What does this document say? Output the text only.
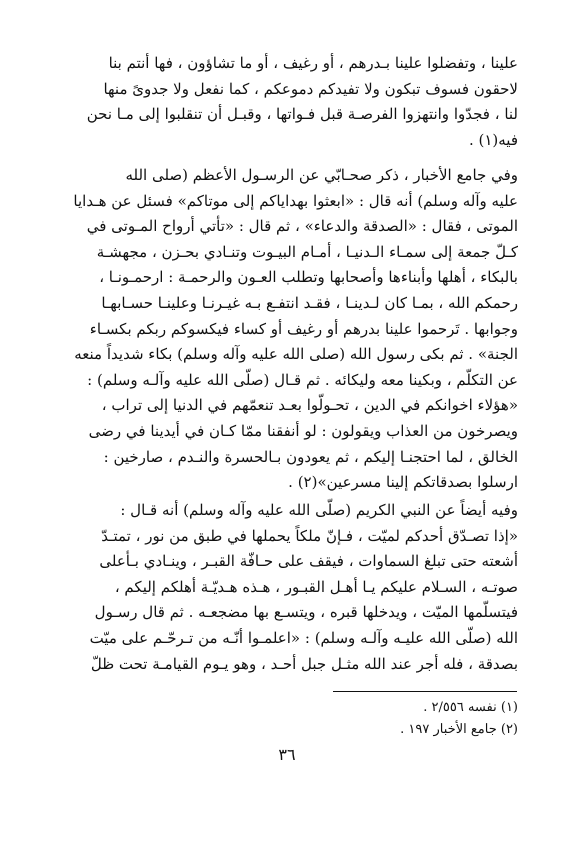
علينا ، وتفضلوا علينا بـدرهم ، أو رغيف ، أو ما تشاؤون ، فها أنتم بنا
لاحقون فسوف تبكون ولا تفيدكم دموعكم ، كما نفعل ولا جدوىً منها
لنا ، فجدّوا وانتهزوا الفرصـة قبل فـواتها ، وقبـل أن تنقلبوا إلى مـا نحن
فيه(١) .

وفي جامع الأخبار ، ذكر صحـابّي عن الرسـول الأعظم (صلى الله
عليه وآله وسلم) أنه قال : «ابعثوا بهداياكم إلى موتاكم» فسئل عن هـدايا
الموتى ، فقال : «الصدقة والدعاء» ، ثم قال : «تأتي أرواح المـوتى في
كـلّ جمعة إلى سمـاء الـدنيـا ، أمـام البيـوت وتنـادي بحـزن ، مجهشـة
بالبكاء ، أهلها وأبناءها وأصحابها وتطلب العـون والرحمـة : ارحمـونـا ،
رحمكم الله ، بمـا كان لـدينـا ، فقـد انتفـع بـه غيـرنـا وعلينـا حسـابهـا
وجوابها . تَرحموا علينا بدرهم أو رغيف أو كساء فيكسوكم ربكم بكسـاء
الجنة» . ثم بكى رسول الله (صلى الله عليه وآله وسلم) بكاء شديداً منعه
عن التكلّم ، وبكينا معه وليكائه . ثم قـال (صلّى الله عليه وآلـه وسلم) :
«هؤلاء اخوانكم في الدين ، تحـولّوا بعـد تنعمّهم في الدنيا إلى تراب ،
ويصرخون من العذاب ويقولون : لو أنفقنا ممّا كـان في أيدينا في رضى
الخالق ، لما احتجنـا إليكم ، ثم يعودون بـالحسرة والنـدم ، صارخين :
ارسلوا بصدقاتكم إلينا مسرعين»(٢) .

وفيه أيضاً عن النبي الكريم (صلّى الله عليه وآله وسلم) أنه قـال :
«إذا تصـدّق أحدكم لميّت ، فـإنّ ملكاً يحملها في طبق من نور ، تمتـدّ
أشعته حتى تبلغ السماوات ، فيقف على حـافّة القبـر ، وينـادي بـأعلى
صوتـه ، السـلام عليكم يـا أهـل القبـور ، هـذه هـديّـة أهلكم إليكم ،
فيتسلّمها الميّت ، ويدخلها قبره ، ويتسـع بها مضجعـه . ثم قال رسـول
الله (صلّى الله عليـه وآلـه وسلم) : «اعلمـوا أنّـه من تـرحّـم على ميّت
بصدقة ، فله أجر عند الله مثـل جبل أحـد ، وهو يـوم القيامـة تحت ظلّ

(١) نفسه ٢/٥٥٦ .
(٢) جامع الأخبار ١٩٧ .
٣٦
